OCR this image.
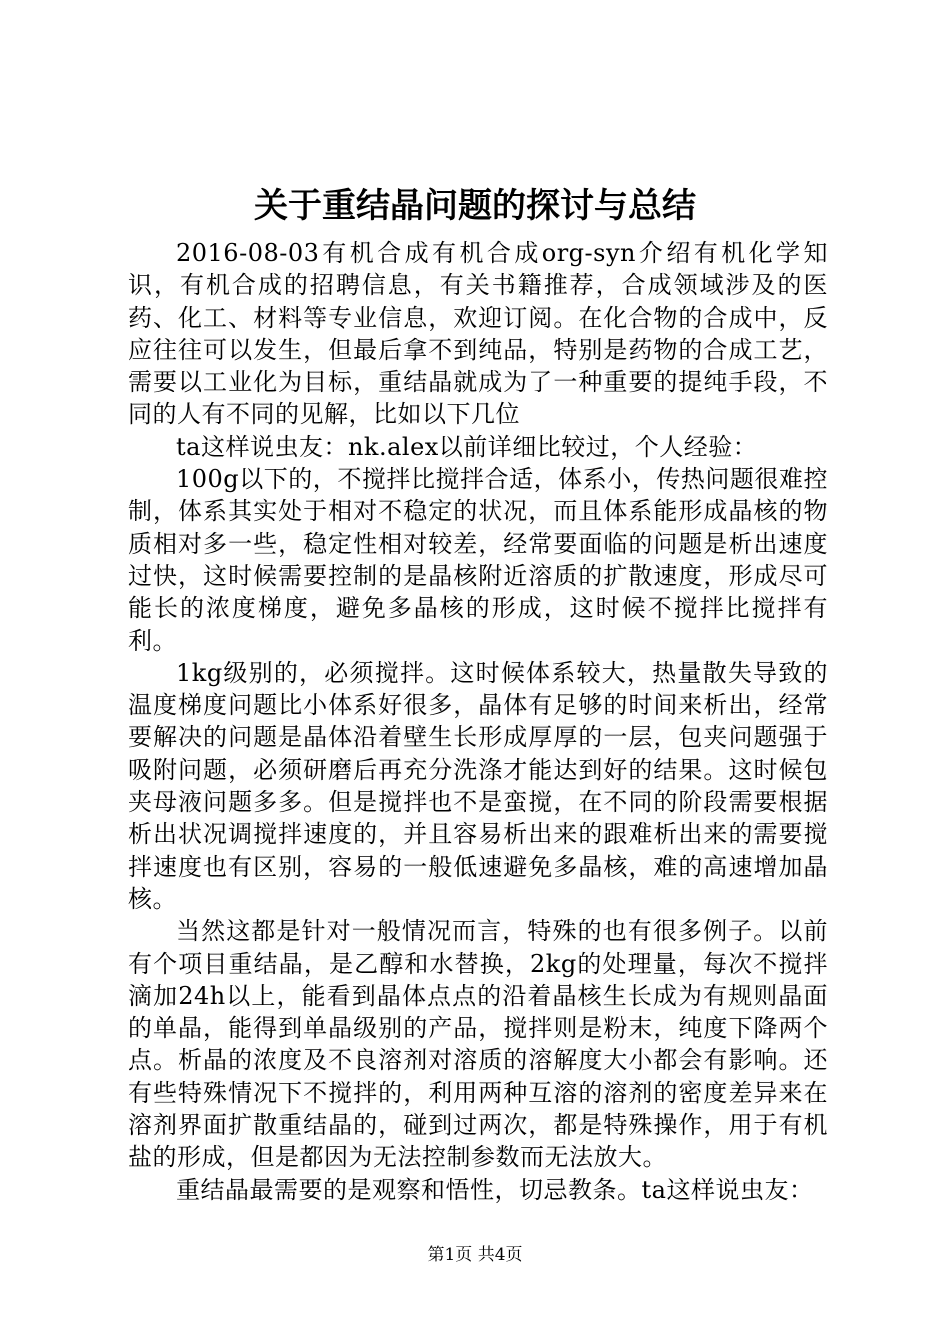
关于重结晶问题的探讨与总结

2016-08-03有机合成有机合成org-syn介绍有机化学知识，有机合成的招聘信息，有关书籍推荐，合成领域涉及的医药、化工、材料等专业信息，欢迎订阅。在化合物的合成中，反应往往可以发生，但最后拿不到纯品，特别是药物的合成工艺，需要以工业化为目标，重结晶就成为了一种重要的提纯手段，不同的人有不同的见解，比如以下几位

ta这样说虫友：nk.alex以前详细比较过，个人经验：

100g以下的，不搅拌比搅拌合适，体系小，传热问题很难控制，体系其实处于相对不稳定的状况，而且体系能形成晶核的物质相对多一些，稳定性相对较差，经常要面临的问题是析出速度过快，这时候需要控制的是晶核附近溶质的扩散速度，形成尽可能长的浓度梯度，避免多晶核的形成，这时候不搅拌比搅拌有利。

1kg级别的，必须搅拌。这时候体系较大，热量散失导致的温度梯度问题比小体系好很多，晶体有足够的时间来析出，经常要解决的问题是晶体沿着壁生长形成厚厚的一层，包夹问题强于吸附问题，必须研磨后再充分洗涤才能达到好的结果。这时候包夹母液问题多多。但是搅拌也不是蛮搅，在不同的阶段需要根据析出状况调搅拌速度的，并且容易析出来的跟难析出来的需要搅拌速度也有区别，容易的一般低速避免多晶核，难的高速增加晶核。

当然这都是针对一般情况而言，特殊的也有很多例子。以前有个项目重结晶，是乙醇和水替换，2kg的处理量，每次不搅拌滴加24h以上，能看到晶体点点的沿着晶核生长成为有规则晶面的单晶，能得到单晶级别的产品，搅拌则是粉末，纯度下降两个点。析晶的浓度及不良溶剂对溶质的溶解度大小都会有影响。还有些特殊情况下不搅拌的，利用两种互溶的溶剂的密度差异来在溶剂界面扩散重结晶的，碰到过两次，都是特殊操作，用于有机盐的形成，但是都因为无法控制参数而无法放大。

重结晶最需要的是观察和悟性，切忌教条。ta这样说虫友：

第1页 共4页
